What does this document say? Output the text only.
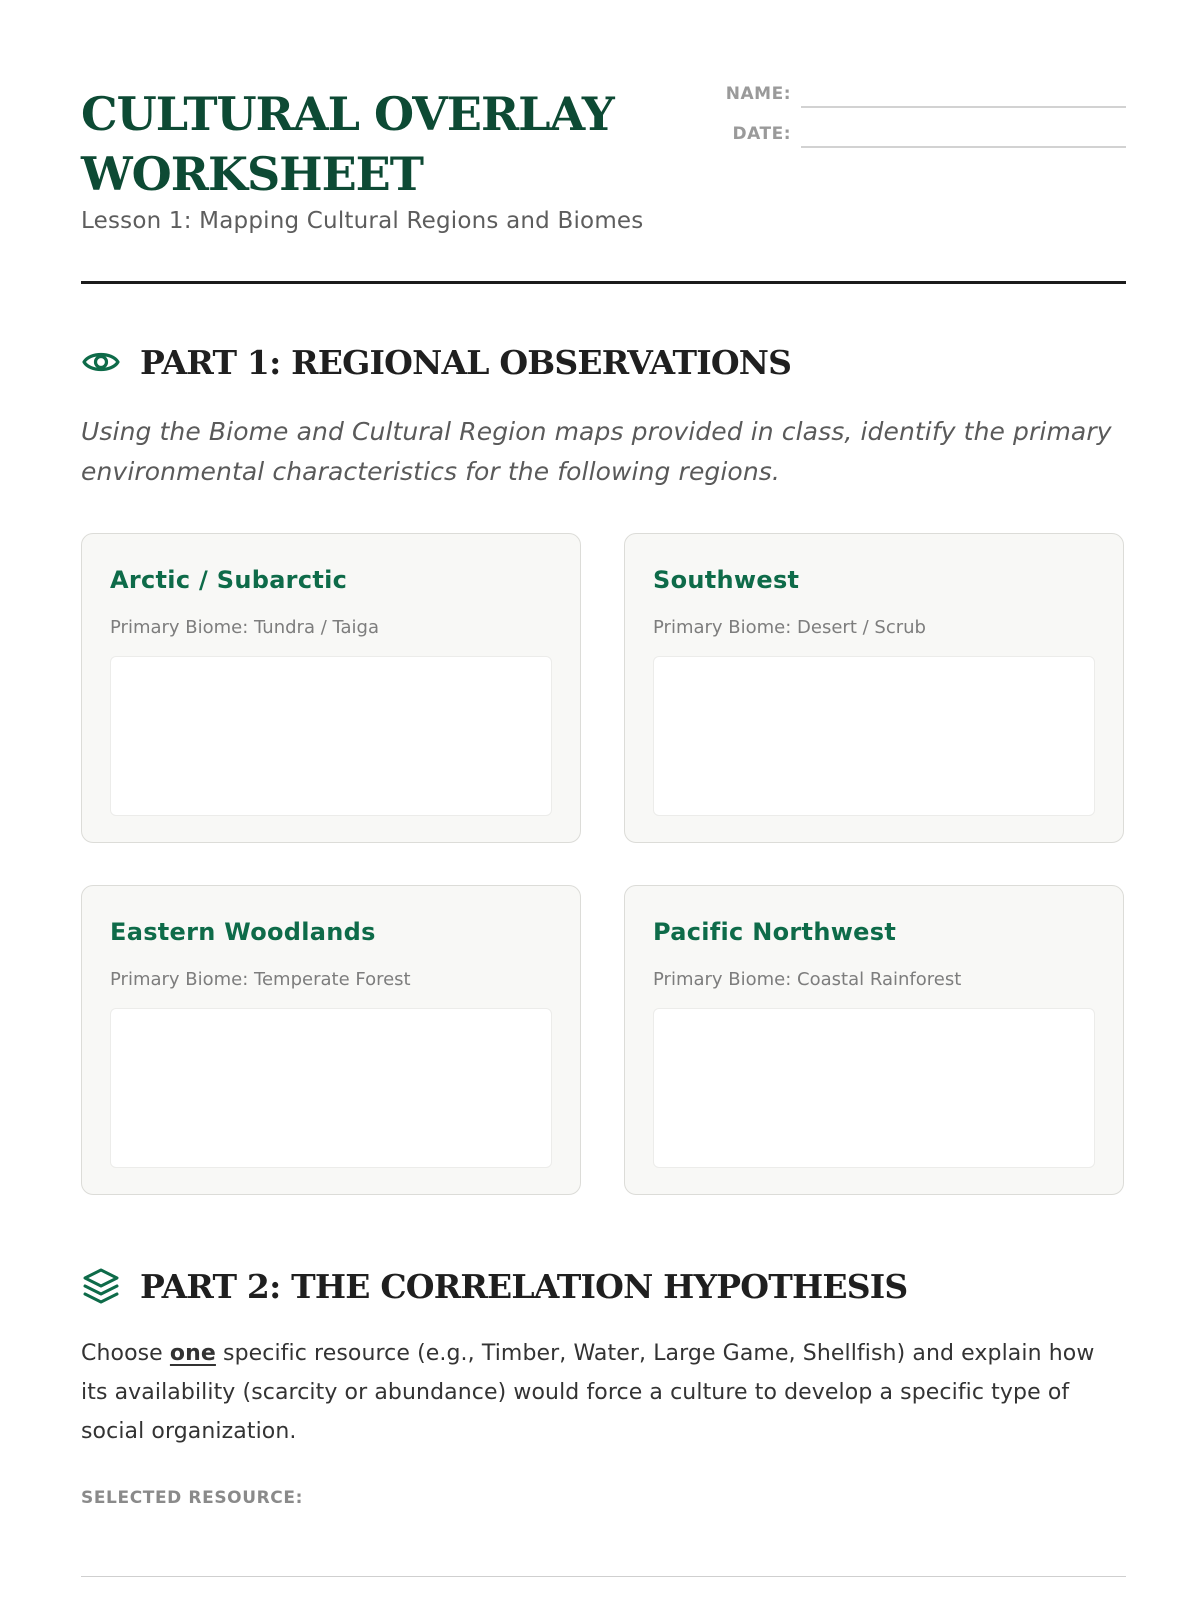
CULTURAL OVERLAY
WORKSHEET
Lesson 1: Mapping Cultural Regions and Biomes
NAME:
DATE:
PART 1: REGIONAL OBSERVATIONS
Using the Biome and Cultural Region maps provided in class, identify the primary environmental characteristics for the following regions.
Arctic / Subarctic
Primary Biome: Tundra / Taiga
Southwest
Primary Biome: Desert / Scrub
Eastern Woodlands
Primary Biome: Temperate Forest
Pacific Northwest
Primary Biome: Coastal Rainforest
PART 2: THE CORRELATION HYPOTHESIS
Choose one specific resource (e.g., Timber, Water, Large Game, Shellfish) and explain how its availability (scarcity or abundance) would force a culture to develop a specific type of social organization.
SELECTED RESOURCE:
